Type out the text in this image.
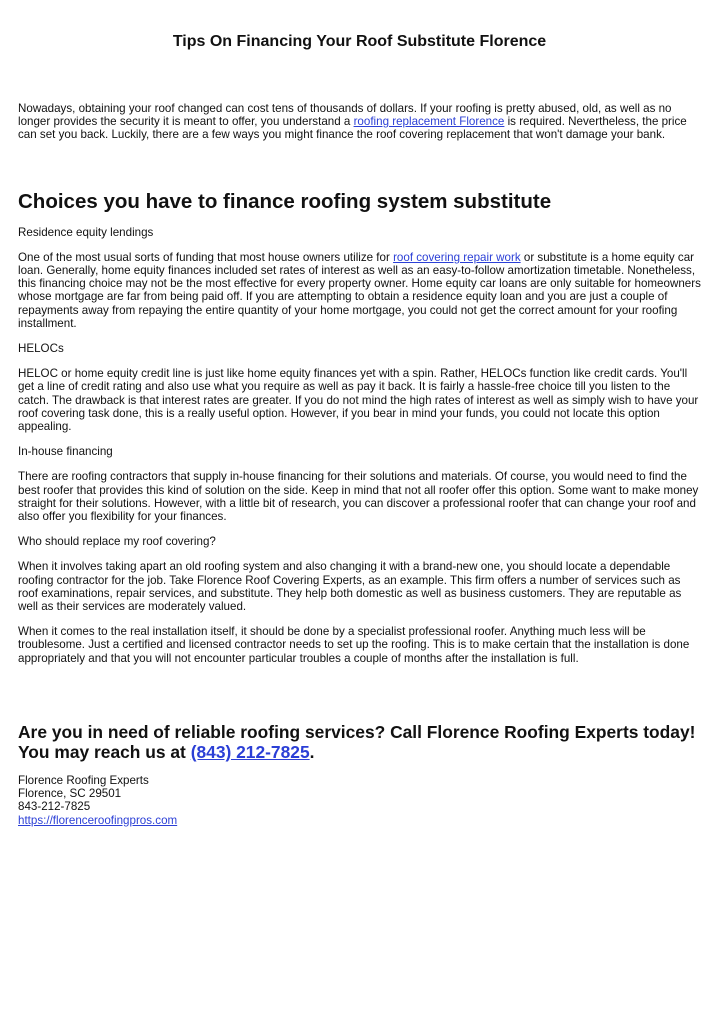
Tips On Financing Your Roof Substitute Florence

Nowadays, obtaining your roof changed can cost tens of thousands of dollars. If your roofing is pretty abused, old, as well as no longer provides the security it is meant to offer, you understand a roofing replacement Florence is required. Nevertheless, the price can set you back. Luckily, there are a few ways you might finance the roof covering replacement that won't damage your bank.

Choices you have to finance roofing system substitute

Residence equity lendings

One of the most usual sorts of funding that most house owners utilize for roof covering repair work or substitute is a home equity car loan. Generally, home equity finances included set rates of interest as well as an easy-to-follow amortization timetable. Nonetheless, this financing choice may not be the most effective for every property owner. Home equity car loans are only suitable for homeowners whose mortgage are far from being paid off. If you are attempting to obtain a residence equity loan and you are just a couple of repayments away from repaying the entire quantity of your home mortgage, you could not get the correct amount for your roofing installment.

HELOCs

HELOC or home equity credit line is just like home equity finances yet with a spin. Rather, HELOCs function like credit cards. You'll get a line of credit rating and also use what you require as well as pay it back. It is fairly a hassle-free choice till you listen to the catch. The drawback is that interest rates are greater. If you do not mind the high rates of interest as well as simply wish to have your roof covering task done, this is a really useful option. However, if you bear in mind your funds, you could not locate this option appealing.

In-house financing

There are roofing contractors that supply in-house financing for their solutions and materials. Of course, you would need to find the best roofer that provides this kind of solution on the side. Keep in mind that not all roofer offer this option. Some want to make money straight for their solutions. However, with a little bit of research, you can discover a professional roofer that can change your roof and also offer you flexibility for your finances.

Who should replace my roof covering?

When it involves taking apart an old roofing system and also changing it with a brand-new one, you should locate a dependable roofing contractor for the job. Take Florence Roof Covering Experts, as an example. This firm offers a number of services such as roof examinations, repair services, and substitute. They help both domestic as well as business customers. They are reputable as well as their services are moderately valued.

When it comes to the real installation itself, it should be done by a specialist professional roofer. Anything much less will be troublesome. Just a certified and licensed contractor needs to set up the roofing. This is to make certain that the installation is done appropriately and that you will not encounter particular troubles a couple of months after the installation is full.

Are you in need of reliable roofing services? Call Florence Roofing Experts today! You may reach us at (843) 212-7825.

Florence Roofing Experts

Florence, SC 29501

843-212-7825

https://florenceroofingpros.com
